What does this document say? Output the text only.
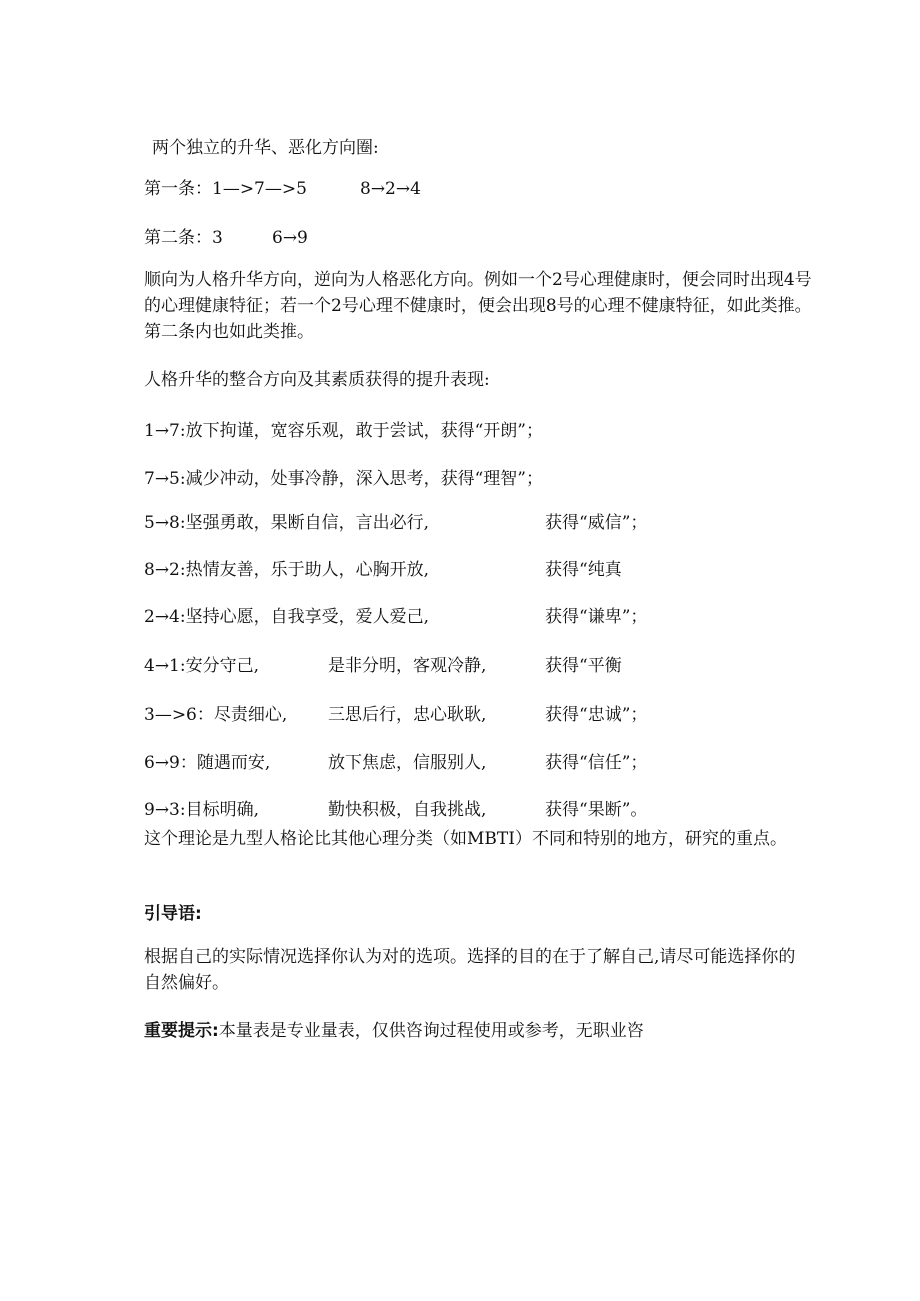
两个独立的升华、恶化方向圈:
第一条：1—>7—>5	8→2→4
第二条：3	6→9
顺向为人格升华方向，逆向为人格恶化方向。例如一个2号心理健康时，便会同时出现4号的心理健康特征；若一个2号心理不健康时，便会出现8号的心理不健康特征，如此类推。第二条内也如此类推。
人格升华的整合方向及其素质获得的提升表现:
1→7:放下拘谨，宽容乐观，敢于尝试，获得“开朗”；
7→5:减少冲动，处事冷静，深入思考，获得“理智”；
5→8:坚强勇敢，果断自信，言出必行,	获得“威信”；
8→2:热情友善，乐于助人，心胸开放,	获得“纯真
2→4:坚持心愿，自我享受，爱人爱己,	获得“谦卑”；
4→1:安分守己,	是非分明，客观冷静,	获得“平衡
3—>6：尽责细心, 三思后行，忠心耿耿,	获得“忠诚”；
6→9：随遇而安,	放下焦虑，信服别人,	获得“信任”；
9→3:目标明确,	勤快积极，自我挑战,	获得“果断”。
这个理论是九型人格论比其他心理分类（如MBTI）不同和特别的地方，研究的重点。
引导语:
根据自己的实际情况选择你认为对的选项。选择的目的在于了解自己,请尽可能选择你的自然偏好。
重要提示:本量表是专业量表，仅供咨询过程使用或参考，无职业咨
